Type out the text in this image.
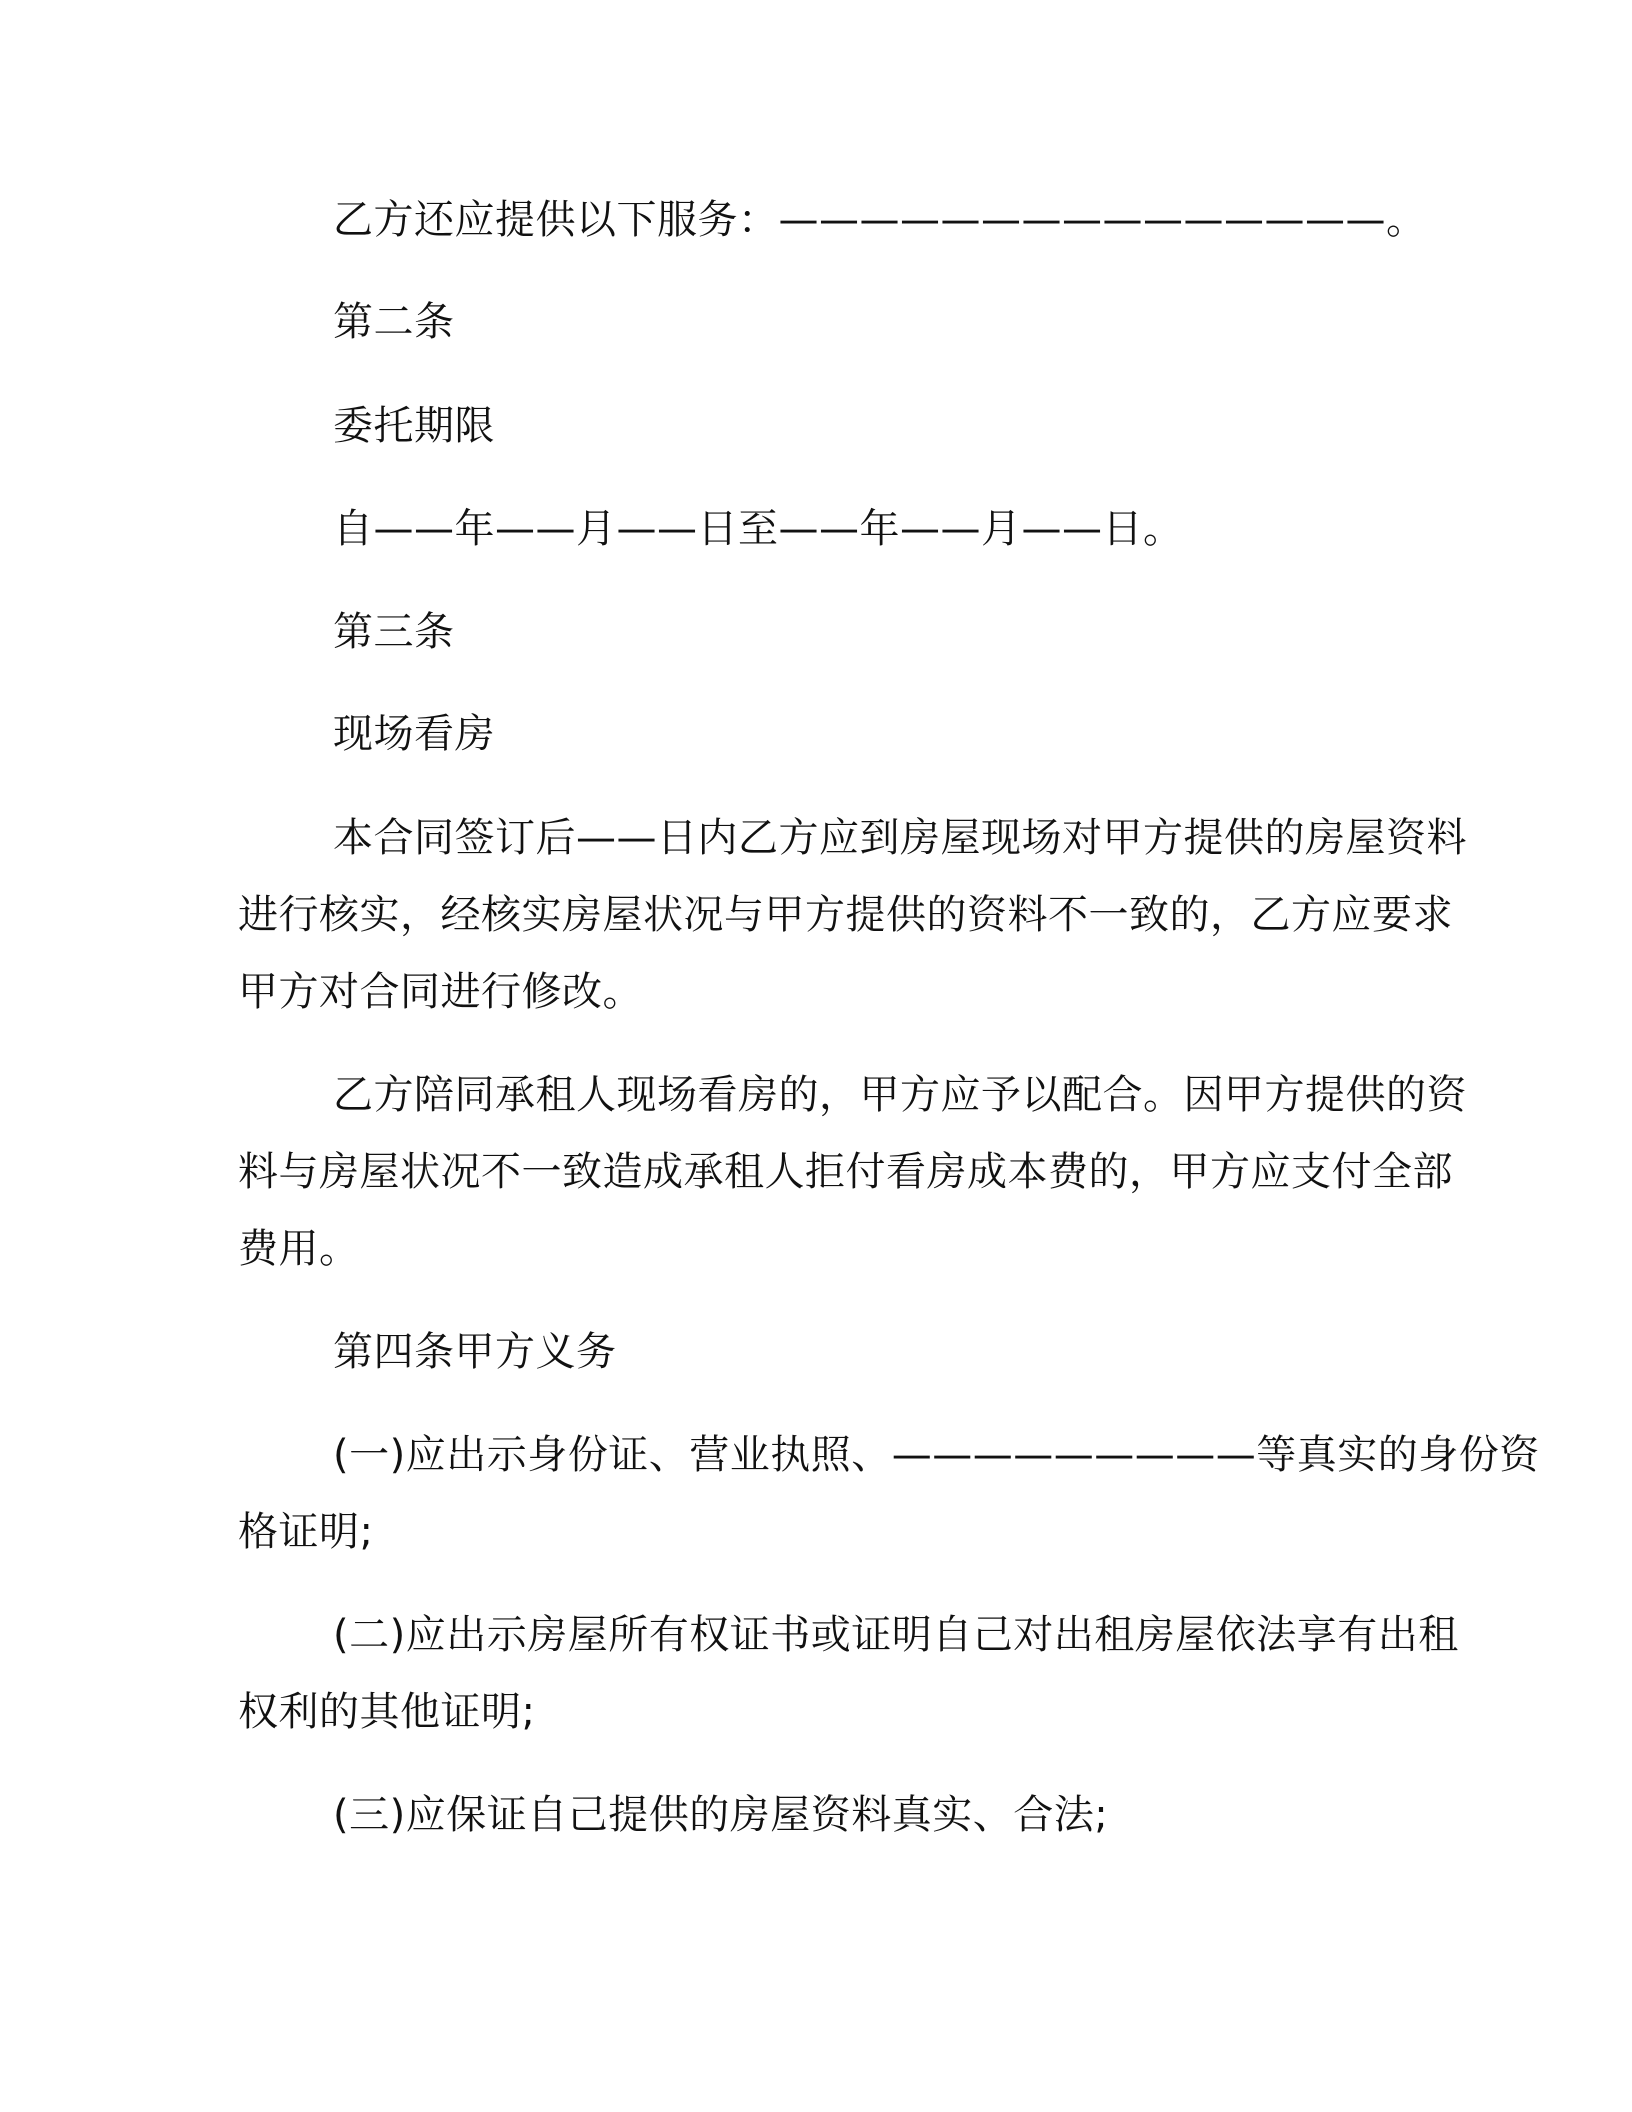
乙方还应提供以下服务：———————————————。
第二条
委托期限
自——年——月——日至——年——月——日。
第三条
现场看房
本合同签订后——日内乙方应到房屋现场对甲方提供的房屋资料
进行核实，经核实房屋状况与甲方提供的资料不一致的，乙方应要求
甲方对合同进行修改。
乙方陪同承租人现场看房的，甲方应予以配合。因甲方提供的资
料与房屋状况不一致造成承租人拒付看房成本费的，甲方应支付全部
费用。
第四条甲方义务
(一)应出示身份证、营业执照、—————————等真实的身份资
格证明;
(二)应出示房屋所有权证书或证明自己对出租房屋依法享有出租
权利的其他证明;
(三)应保证自己提供的房屋资料真实、合法;
